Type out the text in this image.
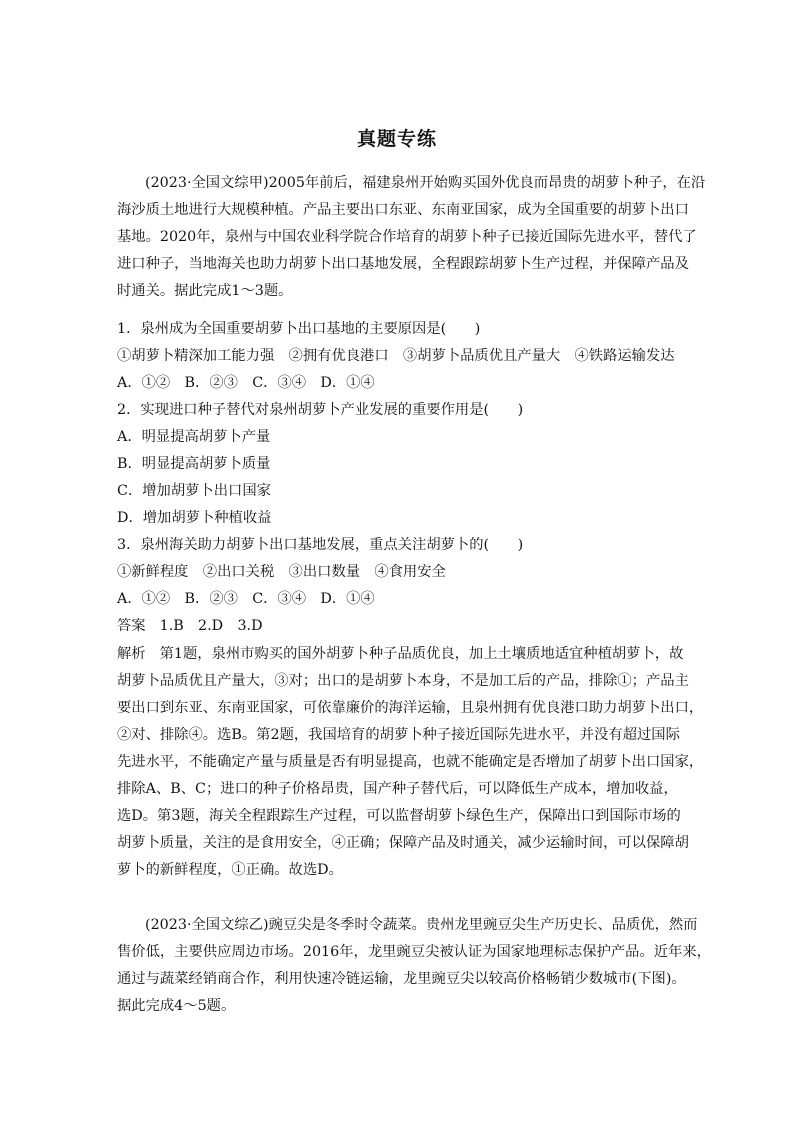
真题专练
(2023·全国文综甲)2005年前后，福建泉州开始购买国外优良而昂贵的胡萝卜种子，在沿
海沙质土地进行大规模种植。产品主要出口东亚、东南亚国家，成为全国重要的胡萝卜出口
基地。2020年，泉州与中国农业科学院合作培育的胡萝卜种子已接近国际先进水平，替代了
进口种子，当地海关也助力胡萝卜出口基地发展，全程跟踪胡萝卜生产过程，并保障产品及
时通关。据此完成1～3题。
1．泉州成为全国重要胡萝卜出口基地的主要原因是(　　)
①胡萝卜精深加工能力强　②拥有优良港口　③胡萝卜品质优且产量大　④铁路运输发达
A．①②　B．②③　C．③④　D．①④
2．实现进口种子替代对泉州胡萝卜产业发展的重要作用是(　　)
A．明显提高胡萝卜产量
B．明显提高胡萝卜质量
C．增加胡萝卜出口国家
D．增加胡萝卜种植收益
3．泉州海关助力胡萝卜出口基地发展，重点关注胡萝卜的(　　)
①新鲜程度　②出口关税　③出口数量　④食用安全
A．①②　B．②③　C．③④　D．①④
答案 1.B　2.D　3.D
解析 第1题，泉州市购买的国外胡萝卜种子品质优良，加上土壤质地适宜种植胡萝卜，故
胡萝卜品质优且产量大，③对；出口的是胡萝卜本身，不是加工后的产品，排除①；产品主
要出口到东亚、东南亚国家，可依靠廉价的海洋运输，且泉州拥有优良港口助力胡萝卜出口，
②对、排除④。选B。第2题，我国培育的胡萝卜种子接近国际先进水平，并没有超过国际
先进水平，不能确定产量与质量是否有明显提高，也就不能确定是否增加了胡萝卜出口国家，
排除A、B、C；进口的种子价格昂贵，国产种子替代后，可以降低生产成本，增加收益，
选D。第3题，海关全程跟踪生产过程，可以监督胡萝卜绿色生产，保障出口到国际市场的
胡萝卜质量，关注的是食用安全，④正确；保障产品及时通关，减少运输时间，可以保障胡
萝卜的新鲜程度，①正确。故选D。
(2023·全国文综乙)豌豆尖是冬季时令蔬菜。贵州龙里豌豆尖生产历史长、品质优，然而
售价低，主要供应周边市场。2016年，龙里豌豆尖被认证为国家地理标志保护产品。近年来，
通过与蔬菜经销商合作，利用快速冷链运输，龙里豌豆尖以较高价格畅销少数城市(下图)。
据此完成4～5题。
